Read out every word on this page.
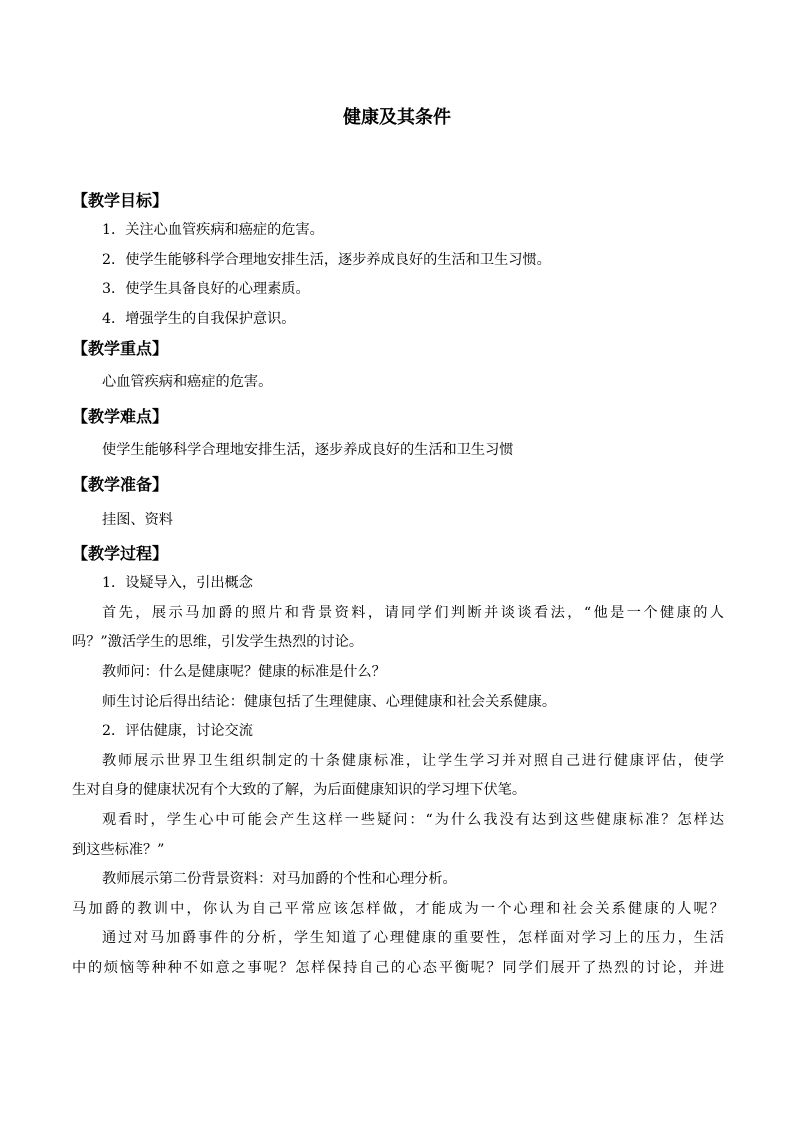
健康及其条件
【教学目标】
1．关注心血管疾病和癌症的危害。
2．使学生能够科学合理地安排生活，逐步养成良好的生活和卫生习惯。
3．使学生具备良好的心理素质。
4．增强学生的自我保护意识。
【教学重点】
心血管疾病和癌症的危害。
【教学难点】
使学生能够科学合理地安排生活，逐步养成良好的生活和卫生习惯
【教学准备】
挂图、资料
【教学过程】
1．设疑导入，引出概念
首先，展示马加爵的照片和背景资料，请同学们判断并谈谈看法，“他是一个健康的人
吗？”激活学生的思维，引发学生热烈的讨论。
教师问：什么是健康呢？健康的标准是什么？
师生讨论后得出结论：健康包括了生理健康、心理健康和社会关系健康。
2．评估健康，讨论交流
教师展示世界卫生组织制定的十条健康标准，让学生学习并对照自己进行健康评估，使学
生对自身的健康状况有个大致的了解，为后面健康知识的学习埋下伏笔。
观看时，学生心中可能会产生这样一些疑问：“为什么我没有达到这些健康标准？怎样达
到这些标准？”
教师展示第二份背景资料：对马加爵的个性和心理分析。
马加爵的教训中，你认为自己平常应该怎样做，才能成为一个心理和社会关系健康的人呢？
通过对马加爵事件的分析，学生知道了心理健康的重要性，怎样面对学习上的压力，生活
中的烦恼等种种不如意之事呢？怎样保持自己的心态平衡呢？同学们展开了热烈的讨论，并进
